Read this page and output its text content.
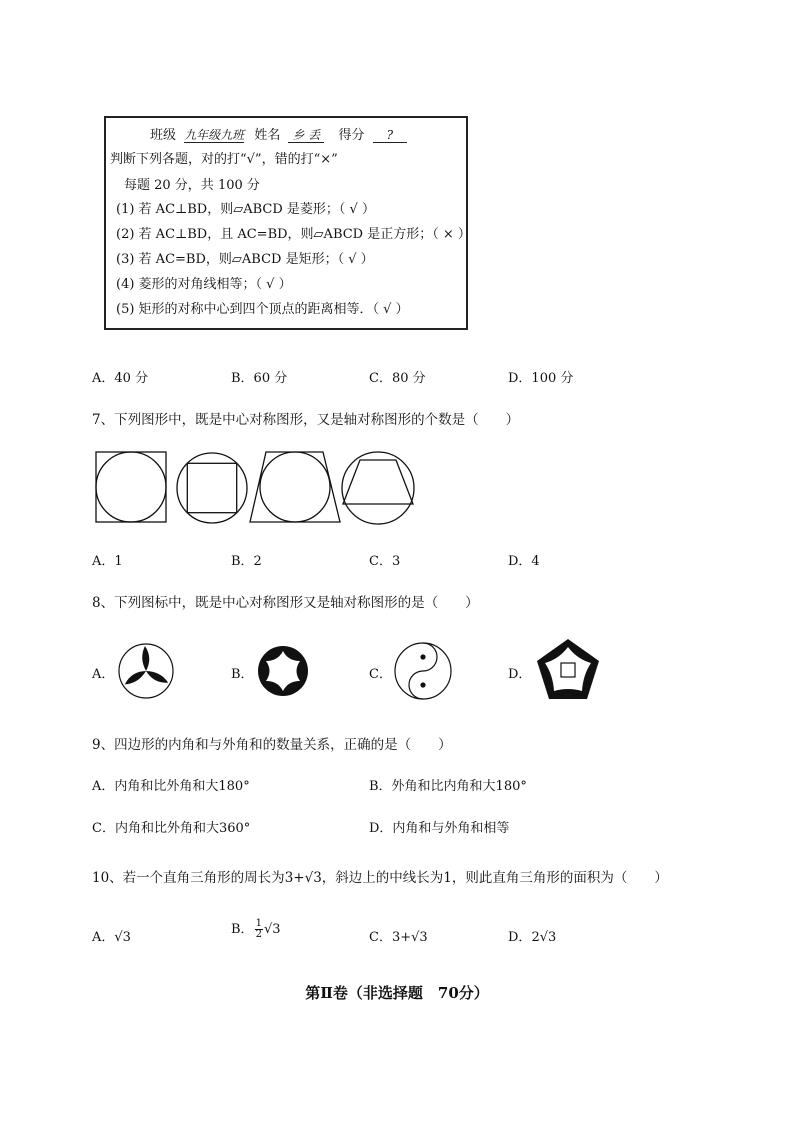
班级 九年级九班 姓名 乡 丢 得分 ?
判断下列各题，对的打“√”，错的打“×”
每题 20 分，共 100 分
(1) 若 AC⊥BD，则▱ABCD 是菱形；（ √ ）
(2) 若 AC⊥BD，且 AC=BD，则▱ABCD 是正方形；（ × ）
(3) 若 AC=BD，则▱ABCD 是矩形；（ √ ）
(4) 菱形的对角线相等；（ √ ）
(5) 矩形的对称中心到四个顶点的距离相等．（ √ ）
A．40 分	B．60 分	C．80 分	D．100 分
7、下列图形中，既是中心对称图形，又是轴对称图形的个数是（　　）
A．1	B．2	C．3	D．4
8、下列图标中，既是中心对称图形又是轴对称图形的是（　　）
A．	B．	C．	D．
9、四边形的内角和与外角和的数量关系，正确的是（　　）
A．内角和比外角和大180°	B．外角和比内角和大180°
C．内角和比外角和大360°	D．内角和与外角和相等
10、若一个直角三角形的周长为3+√3，斜边上的中线长为1，则此直角三角形的面积为（　　）
A．√3
B． $\frac{1}{2} √3$
C．3+√3	D．2√3
第Ⅱ卷（非选择题　70分）
